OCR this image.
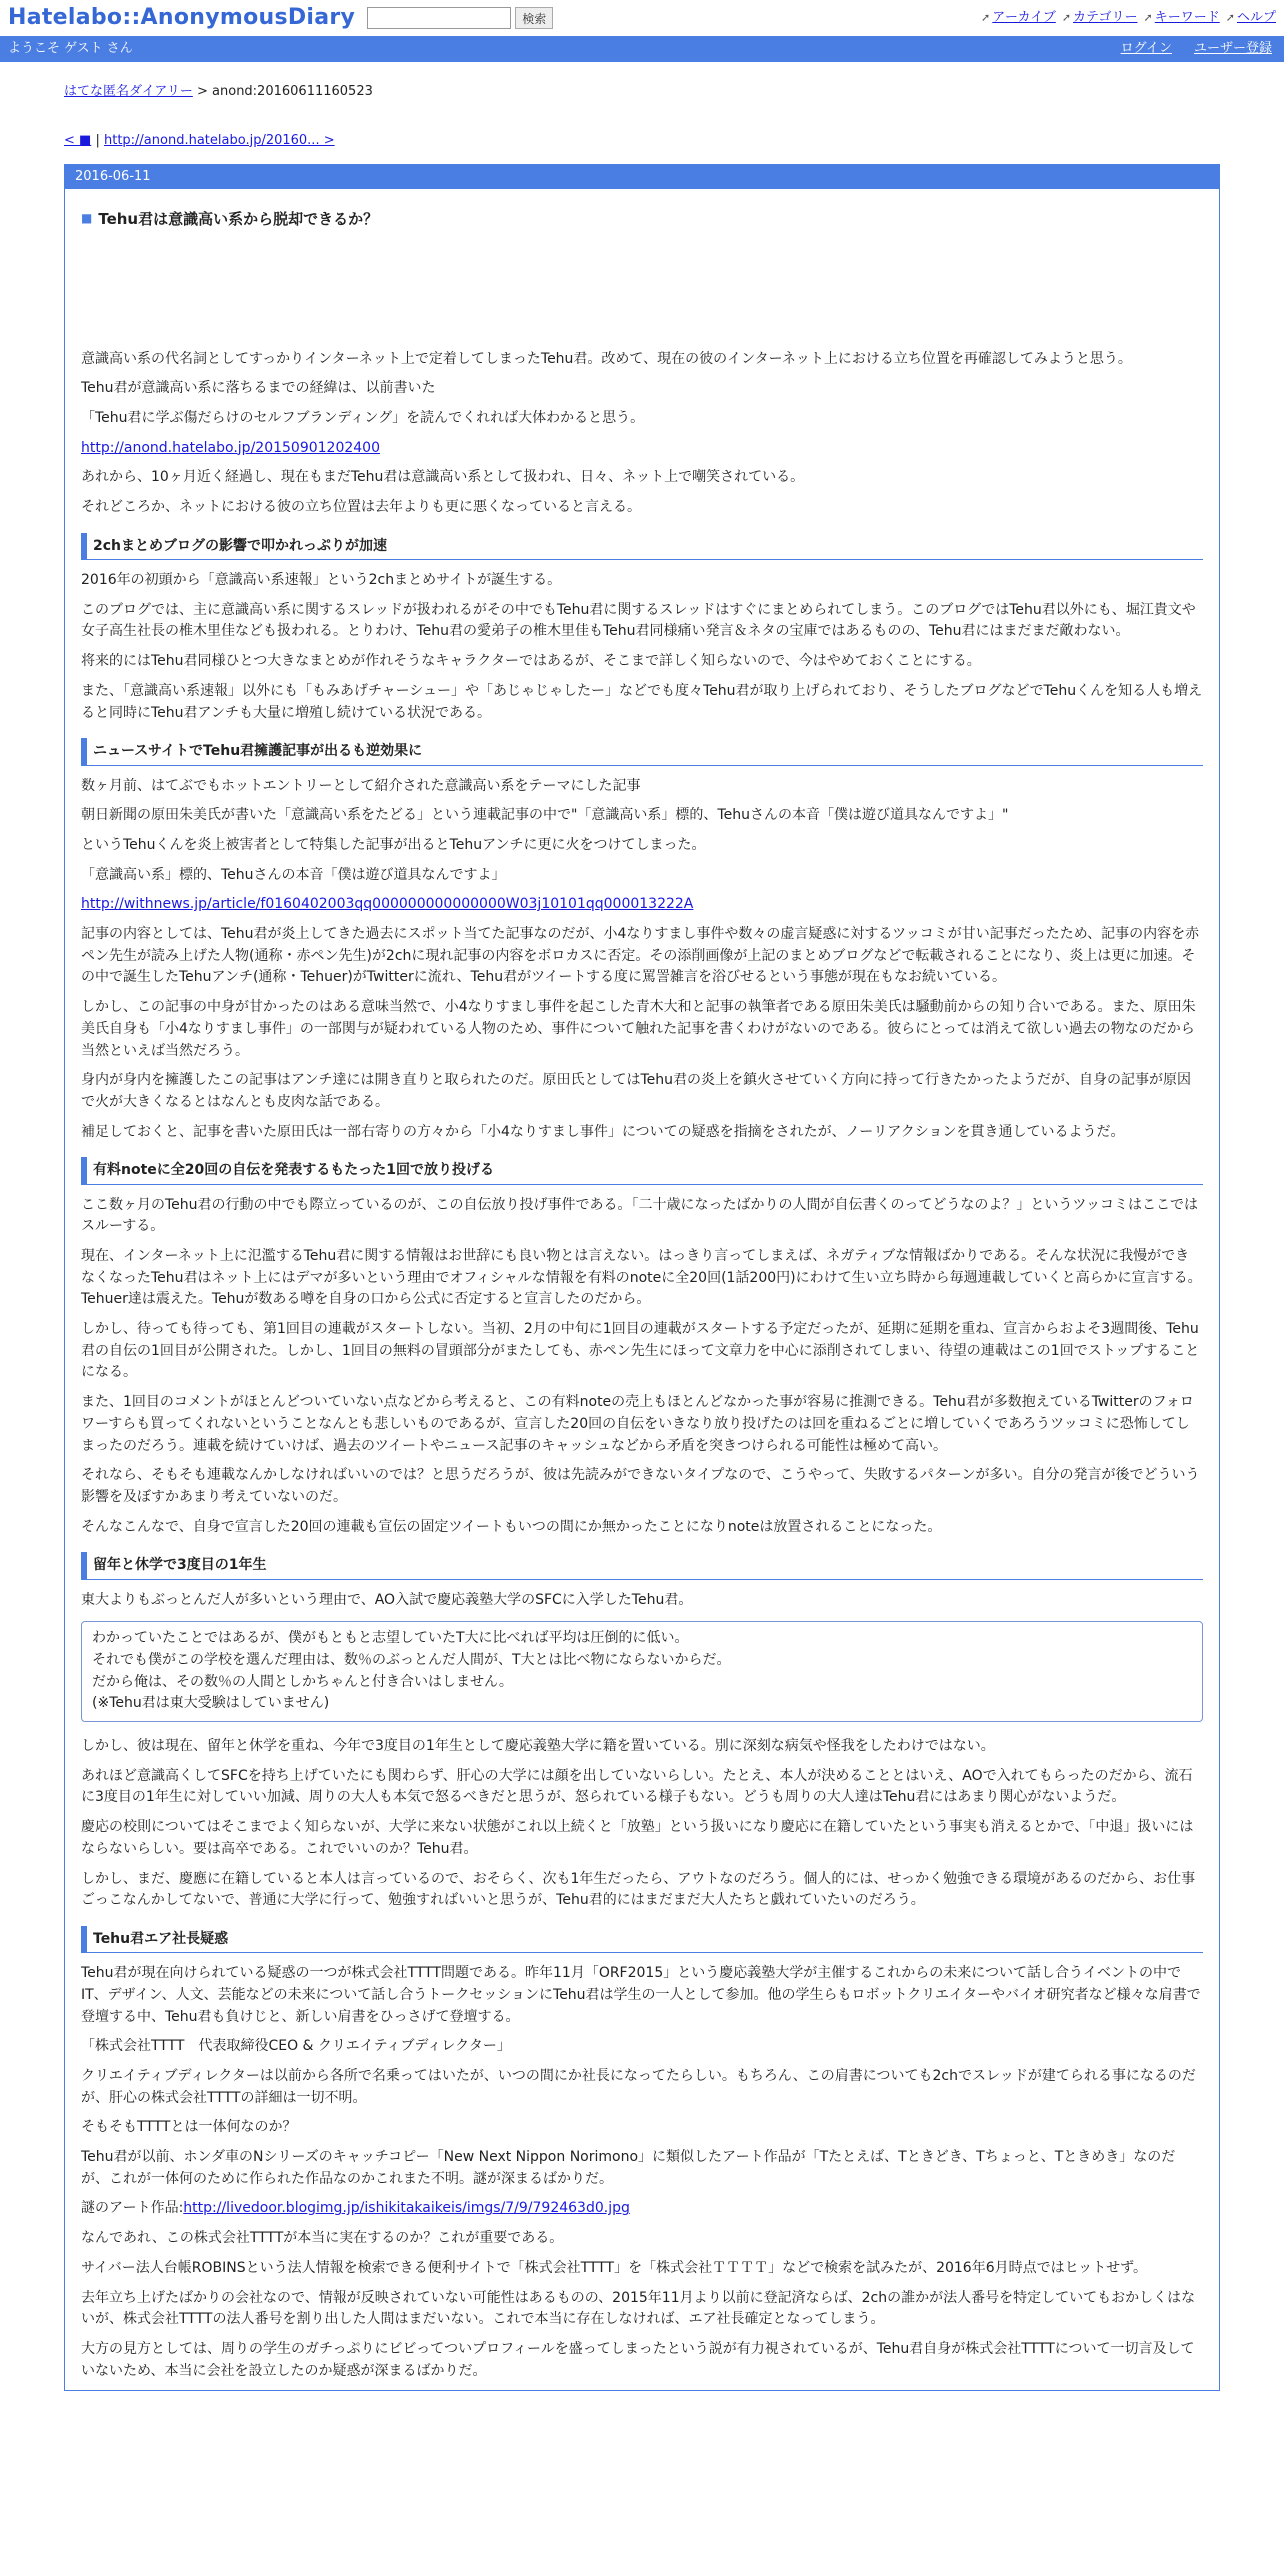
Hatelabo::AnonymousDiary	検索	➚ アーカイブ ➚ カテゴリー ➚ キーワード ➚ ヘルプ
ようこそ ゲスト さん	ログイン ユーザー登録
はてな匿名ダイアリー > anond:20160611160523
< ■ | http://anond.hatelabo.jp/20160... >
2016-06-11
■ Tehu君は意識高い系から脱却できるか？

意識高い系の代名詞としてすっかりインターネット上で定着してしまったTehu君。改めて、現在の彼のインターネット上における立ち位置を再確認してみようと思う。

Tehu君が意識高い系に落ちるまでの経緯は、以前書いた

「Tehu君に学ぶ傷だらけのセルフブランディング」を読んでくれれば大体わかると思う。

http://anond.hatelabo.jp/20150901202400

あれから、10ヶ月近く経過し、現在もまだTehu君は意識高い系として扱われ、日々、ネット上で嘲笑されている。

それどころか、ネットにおける彼の立ち位置は去年よりも更に悪くなっていると言える。

2chまとめブログの影響で叩かれっぷりが加速

2016年の初頭から「意識高い系速報」という2chまとめサイトが誕生する。

このブログでは、主に意識高い系に関するスレッドが扱われるがその中でもTehu君に関するスレッドはすぐにまとめられてしまう。このブログではTehu君以外にも、堀江貴文や女子高生社長の椎木里佳なども扱われる。とりわけ、Tehu君の愛弟子の椎木里佳もTehu君同様痛い発言＆ネタの宝庫ではあるものの、Tehu君にはまだまだ敵わない。

将来的にはTehu君同様ひとつ大きなまとめが作れそうなキャラクターではあるが、そこまで詳しく知らないので、今はやめておくことにする。

また、「意識高い系速報」以外にも「もみあげチャーシュー」や「あじゃじゃしたー」などでも度々Tehu君が取り上げられており、そうしたブログなどでTehuくんを知る人も増えると同時にTehu君アンチも大量に増殖し続けている状況である。

ニュースサイトでTehu君擁護記事が出るも逆効果に

数ヶ月前、はてぶでもホットエントリーとして紹介された意識高い系をテーマにした記事

朝日新聞の原田朱美氏が書いた「意識高い系をたどる」という連載記事の中で"「意識高い系」標的、Tehuさんの本音「僕は遊び道具なんですよ」"

というTehuくんを炎上被害者として特集した記事が出るとTehuアンチに更に火をつけてしまった。

「意識高い系」標的、Tehuさんの本音「僕は遊び道具なんですよ」

http://withnews.jp/article/f0160402003qq000000000000000W03j10101qq000013222A

記事の内容としては、Tehu君が炎上してきた過去にスポット当てた記事なのだが、小4なりすまし事件や数々の虚言疑惑に対するツッコミが甘い記事だったため、記事の内容を赤ペン先生が読み上げた人物(通称・赤ペン先生)が2chに現れ記事の内容をボロカスに否定。その添削画像が上記のまとめブログなどで転載されることになり、炎上は更に加速。その中で誕生したTehuアンチ(通称・Tehuer)がTwitterに流れ、Tehu君がツイートする度に罵詈雑言を浴びせるという事態が現在もなお続いている。

しかし、この記事の中身が甘かったのはある意味当然で、小4なりすまし事件を起こした青木大和と記事の執筆者である原田朱美氏は騒動前からの知り合いである。また、原田朱美氏自身も「小4なりすまし事件」の一部関与が疑われている人物のため、事件について触れた記事を書くわけがないのである。彼らにとっては消えて欲しい過去の物なのだから当然といえば当然だろう。

身内が身内を擁護したこの記事はアンチ達には開き直りと取られたのだ。原田氏としてはTehu君の炎上を鎮火させていく方向に持って行きたかったようだが、自身の記事が原因で火が大きくなるとはなんとも皮肉な話である。

補足しておくと、記事を書いた原田氏は一部右寄りの方々から「小4なりすまし事件」についての疑惑を指摘をされたが、ノーリアクションを貫き通しているようだ。

有料noteに全20回の自伝を発表するもたった1回で放り投げる

ここ数ヶ月のTehu君の行動の中でも際立っているのが、この自伝放り投げ事件である。「二十歳になったばかりの人間が自伝書くのってどうなのよ？」というツッコミはここではスルーする。

現在、インターネット上に氾濫するTehu君に関する情報はお世辞にも良い物とは言えない。はっきり言ってしまえば、ネガティブな情報ばかりである。そんな状況に我慢ができなくなったTehu君はネット上にはデマが多いという理由でオフィシャルな情報を有料のnoteに全20回(1話200円)にわけて生い立ち時から毎週連載していくと高らかに宣言する。Tehuer達は震えた。Tehuが数ある噂を自身の口から公式に否定すると宣言したのだから。

しかし、待っても待っても、第1回目の連載がスタートしない。当初、2月の中旬に1回目の連載がスタートする予定だったが、延期に延期を重ね、宣言からおよそ3週間後、Tehu君の自伝の1回目が公開された。しかし、1回目の無料の冒頭部分がまたしても、赤ペン先生にほって文章力を中心に添削されてしまい、待望の連載はこの1回でストップすることになる。

また、1回目のコメントがほとんどついていない点などから考えると、この有料noteの売上もほとんどなかった事が容易に推測できる。Tehu君が多数抱えているTwitterのフォロワーすらも買ってくれないということなんとも悲しいものであるが、宣言した20回の自伝をいきなり放り投げたのは回を重ねるごとに増していくであろうツッコミに恐怖してしまったのだろう。連載を続けていけば、過去のツイートやニュース記事のキャッシュなどから矛盾を突きつけられる可能性は極めて高い。

それなら、そもそも連載なんかしなければいいのでは？と思うだろうが、彼は先読みができないタイプなので、こうやって、失敗するパターンが多い。自分の発言が後でどういう影響を及ぼすかあまり考えていないのだ。

そんなこんなで、自身で宣言した20回の連載も宣伝の固定ツイートもいつの間にか無かったことになりnoteは放置されることになった。

留年と休学で3度目の1年生

東大よりもぶっとんだ人が多いという理由で、AO入試で慶応義塾大学のSFCに入学したTehu君。

わかっていたことではあるが、僕がもともと志望していたT大に比べれば平均は圧倒的に低い。
それでも僕がこの学校を選んだ理由は、数％のぶっとんだ人間が、T大とは比べ物にならないからだ。
だから俺は、その数％の人間としかちゃんと付き合いはしません。
(※Tehu君は東大受験はしていません)

しかし、彼は現在、留年と休学を重ね、今年で3度目の1年生として慶応義塾大学に籍を置いている。別に深刻な病気や怪我をしたわけではない。

あれほど意識高くしてSFCを持ち上げていたにも関わらず、肝心の大学には顔を出していないらしい。たとえ、本人が決めることとはいえ、AOで入れてもらったのだから、流石に3度目の1年生に対していい加減、周りの大人も本気で怒るべきだと思うが、怒られている様子もない。どうも周りの大人達はTehu君にはあまり関心がないようだ。

慶応の校則についてはそこまでよく知らないが、大学に来ない状態がこれ以上続くと「放塾」という扱いになり慶応に在籍していたという事実も消えるとかで、「中退」扱いにはならないらしい。要は高卒である。これでいいのか？Tehu君。

しかし、まだ、慶應に在籍していると本人は言っているので、おそらく、次も1年生だったら、アウトなのだろう。個人的には、せっかく勉強できる環境があるのだから、お仕事ごっこなんかしてないで、普通に大学に行って、勉強すればいいと思うが、Tehu君的にはまだまだ大人たちと戯れていたいのだろう。

Tehu君エア社長疑惑

Tehu君が現在向けられている疑惑の一つが株式会社TTTT問題である。昨年11月「ORF2015」という慶応義塾大学が主催するこれからの未来について話し合うイベントの中でIT、デザイン、人文、芸能などの未来について話し合うトークセッションにTehu君は学生の一人として参加。他の学生らもロボットクリエイターやバイオ研究者など様々な肩書で登壇する中、Tehu君も負けじと、新しい肩書をひっさげて登壇する。

「株式会社TTTT　代表取締役CEO & クリエイティブディレクター」

クリエイティブディレクターは以前から各所で名乗ってはいたが、いつの間にか社長になってたらしい。もちろん、この肩書についても2chでスレッドが建てられる事になるのだが、肝心の株式会社TTTTの詳細は一切不明。

そもそもTTTTとは一体何なのか？

Tehu君が以前、ホンダ車のNシリーズのキャッチコピー「New Next Nippon Norimono」に類似したアート作品が「Tたとえば、Tときどき、Tちょっと、Tときめき」なのだが、これが一体何のために作られた作品なのかこれまた不明。謎が深まるばかりだ。

謎のアート作品:http://livedoor.blogimg.jp/ishikitakaikeis/imgs/7/9/792463d0.jpg

なんであれ、この株式会社TTTTが本当に実在するのか？これが重要である。

サイバー法人台帳ROBINSという法人情報を検索できる便利サイトで「株式会社TTTT」を「株式会社ＴＴＴＴ」などで検索を試みたが、2016年6月時点ではヒットせず。

去年立ち上げたばかりの会社なので、情報が反映されていない可能性はあるものの、2015年11月より以前に登記済ならば、2chの誰かが法人番号を特定していてもおかしくはないが、株式会社TTTTの法人番号を割り出した人間はまだいない。これで本当に存在しなければ、エア社長確定となってしまう。

大方の見方としては、周りの学生のガチっぷりにビビってついプロフィールを盛ってしまったという説が有力視されているが、Tehu君自身が株式会社TTTTについて一切言及していないため、本当に会社を設立したのか疑惑が深まるばかりだ。
